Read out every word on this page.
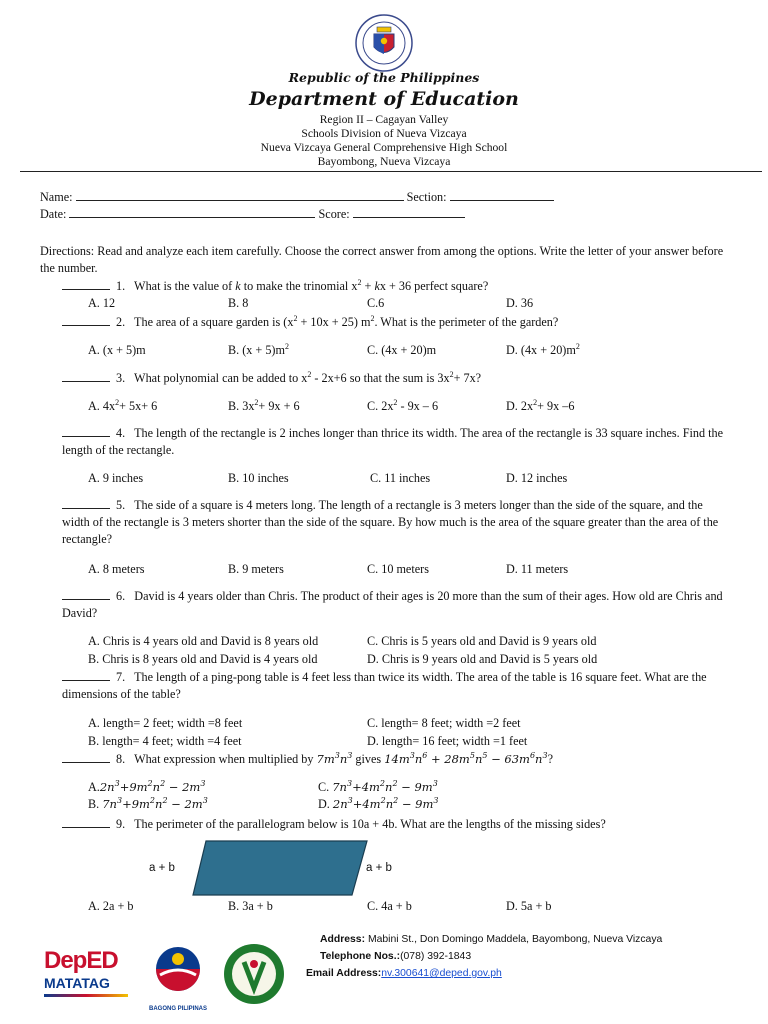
Republic of the Philippines
Department of Education
Region II – Cagayan Valley
Schools Division of Nueva Vizcaya
Nueva Vizcaya General Comprehensive High School
Bayombong, Nueva Vizcaya
Name:	Section:
Date:	Score:
Directions: Read and analyze each item carefully. Choose the correct answer from among the options. Write the letter of your answer before the number.
1.   What is the value of k to make the trinomial $x^2$ + kx + 36 perfect square?
A. 12	B. 8	C.6	D. 36
2.   The area of a square garden is $(x^2 + 10x + 25)$ $m^2$. What is the perimeter of the garden?
A. (x + 5)m	B. $(x + 5)m^2$	C. (4x + 20)m	D. $(4x + 20)m^2$
3.   What polynomial can be added to $x^2 - 2x+6$ so that the sum is $3x^2+ 7x$?
A. $4x^2+ 5x+ 6$	B. $3x^2+ 9x + 6$	C. $2x^2 - 9x - 6$	D. $2x^2+ 9x$ –6
4. The length of the rectangle is 2 inches longer than thrice its width. The area of the rectangle is 33 square inches. Find the length of the rectangle.
A. 9 inches	B. 10 inches	C. 11 inches	D. 12 inches
5. The side of a square is 4 meters long. The length of a rectangle is 3 meters longer than the side of the square, and the width of the rectangle is 3 meters shorter than the side of the square. By how much is the area of the square greater than the area of the rectangle?
A. 8 meters	B. 9 meters	C. 10 meters	D. 11 meters
6. David is 4 years older than Chris. The product of their ages is 20 more than the sum of their ages. How old are Chris and David?
A. Chris is 4 years old and David is 8 years old	C. Chris is 5 years old and David is 9 years old
B. Chris is 8 years old and David is 4 years old	D. Chris is 9 years old and David is 5 years old
7. The length of a ping-pong table is 4 feet less than twice its width. The area of the table is 16 square feet. What are the dimensions of the table?
A. length= 2 feet; width =8 feet	C. length= 8 feet; width =2 feet
B. length= 4 feet; width =4 feet	D. length= 16 feet; width =1 feet
8. What expression when multiplied by $7m^3n^3$ gives $14m^3n^6 + 28m^5n^5 - 63m^6n^3$?
$A.2n^3+9m^2n^2 - 2m^3$	C. $7n^3+4m^2n^2 - 9m^3$
B. $7n^3+9m^2n^2 - 2m^3$	D. $2n^3+4m^2n^2 - 9m^3$
9. The perimeter of the parallelogram below is 10a + 4b. What are the lengths of the missing sides?
a + b	a + b
A. 2a + b	B. 3a + b	C. 4a + b	D. 5a + b
DepED
MATATAG
BAGONG PILIPINAS
Address: Mabini St., Don Domingo Maddela, Bayombong, Nueva Vizcaya
Telephone Nos.:(078) 392-1843
Email Address:nv.300641@deped.gov.ph
